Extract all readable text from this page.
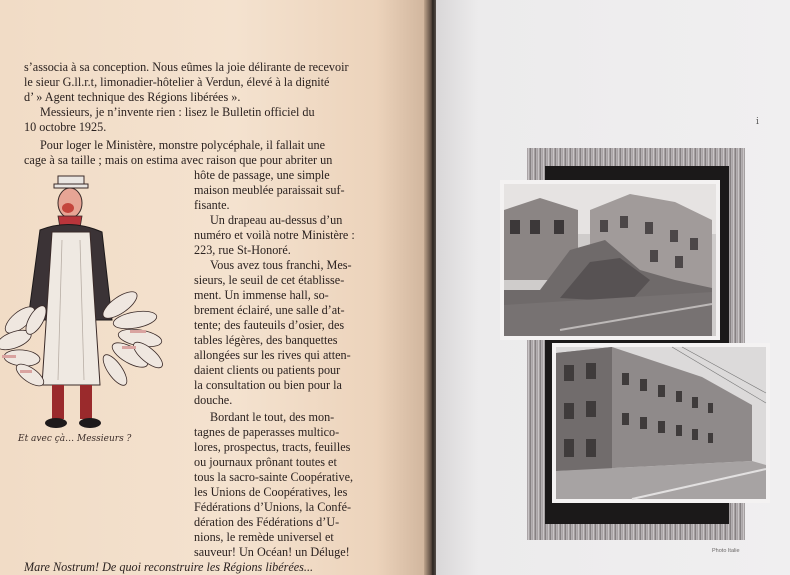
s’associa à sa conception. Nous eûmes la joie délirante de recevoir
le sieur G.ll.r.t, limonadier-hôtelier à Verdun, élevé à la dignité
d’ » Agent technique des Régions libérées ».
Messieurs, je n’invente rien : lisez le Bulletin officiel du
10 octobre 1925.
Pour loger le Ministère, monstre polycéphale, il fallait une
cage à sa taille ; mais on estima avec raison que pour abriter un
hôte de passage, une simple
maison meublée paraissait suf-
fisante.
Un drapeau au-dessus d’un
numéro et voilà notre Ministère :
223, rue St-Honoré.
Vous avez tous franchi, Mes-
sieurs, le seuil de cet établisse-
ment. Un immense hall, so-
brement éclairé, une salle d’at-
tente; des fauteuils d’osier, des
tables légères, des banquettes
allongées sur les rives qui atten-
daient clients ou patients pour
la consultation ou bien pour la
douche.
Bordant le tout, des mon-
tagnes de paperasses multico-
lores, prospectus, tracts, feuilles
ou journaux prônant toutes et
tous la sacro-sainte Coopérative,
les Unions de Coopératives, les
Fédérations d’Unions, la Confé-
dération des Fédérations d’U-
nions, le remède universel et
sauveur! Un Océan! un Déluge!
Mare Nostrum! De quoi reconstruire les Régions libérées...
Et avec çà… Messieurs ?
i
Photo Italie
